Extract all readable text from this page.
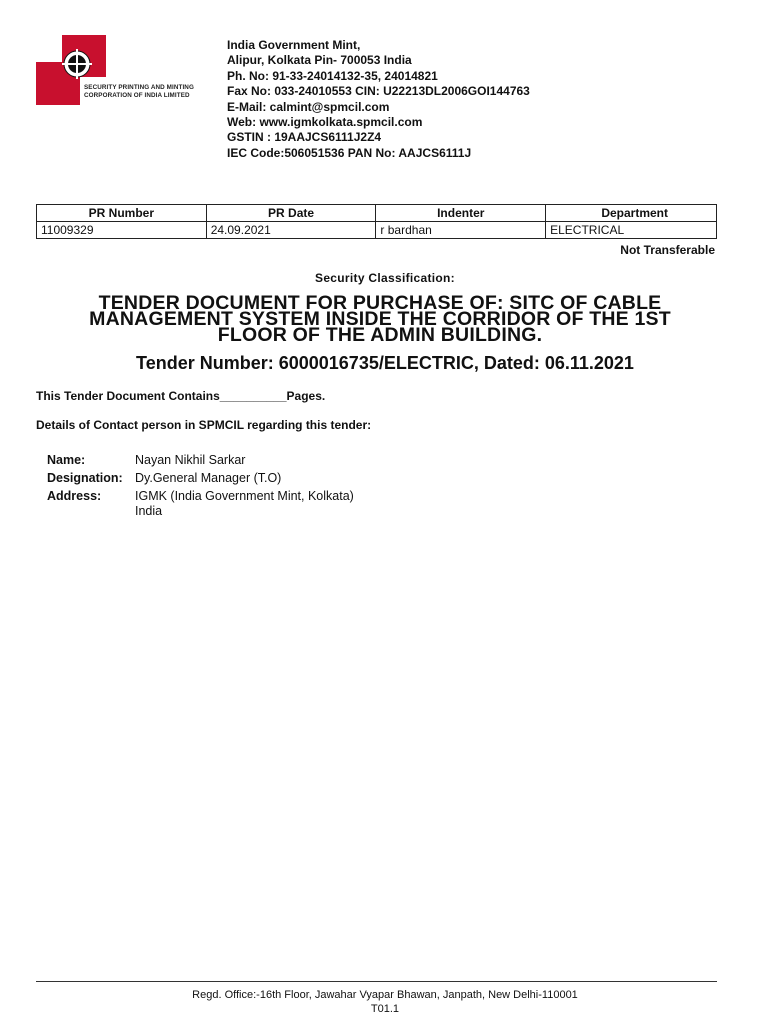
SECURITY PRINTING AND MINTING
CORPORATION OF INDIA LIMITED
India Government Mint,
Alipur, Kolkata Pin- 700053 India
Ph. No: 91-33-24014132-35, 24014821
Fax No: 033-24010553 CIN: U22213DL2006GOI144763
E-Mail: calmint@spmcil.com
Web: www.igmkolkata.spmcil.com
GSTIN : 19AAJCS6111J2Z4
IEC Code:506051536 PAN No: AAJCS6111J
PR Number	PR Date	Indenter	Department
11009329	24.09.2021	r bardhan	ELECTRICAL
Not Transferable
Security Classification:
TENDER DOCUMENT FOR PURCHASE OF: SITC OF CABLE
MANAGEMENT SYSTEM INSIDE THE CORRIDOR OF THE 1ST
FLOOR OF THE ADMIN BUILDING.
Tender Number: 6000016735/ELECTRIC, Dated: 06.11.2021
This Tender Document Contains__________Pages.
Details of Contact person in SPMCIL regarding this tender:
Name:	Nayan Nikhil Sarkar
Designation: Dy.General Manager (T.O)
Address:	IGMK (India Government Mint, Kolkata)
India
Regd. Office:-16th Floor, Jawahar Vyapar Bhawan, Janpath, New Delhi-110001
T01.1
